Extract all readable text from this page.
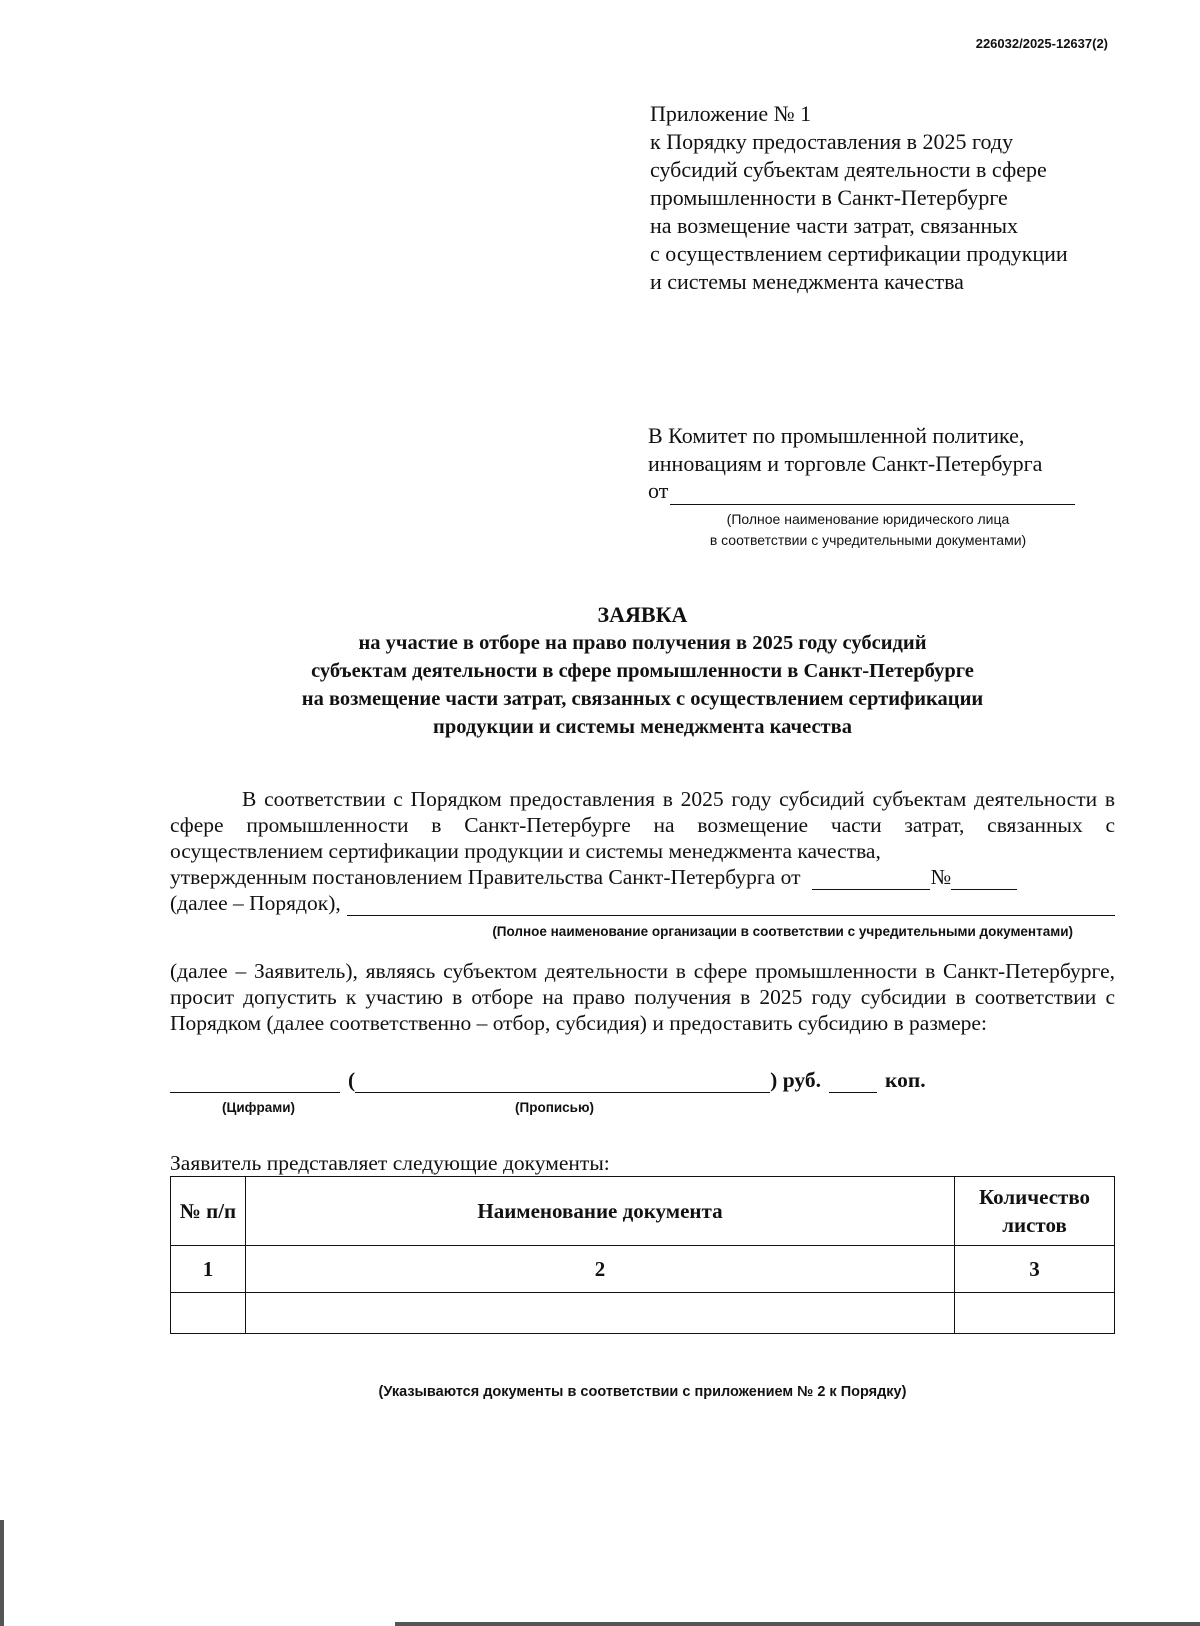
226032/2025-12637(2)
Приложение № 1
к Порядку предоставления в 2025 году
субсидий субъектам деятельности в сфере
промышленности в Санкт-Петербурге
на возмещение части затрат, связанных
с осуществлением сертификации продукции
и системы менеджмента качества
В Комитет по промышленной политике,
инновациям и торговле Санкт-Петербурга
от
(Полное наименование юридического лица
в соответствии с учредительными документами)
ЗАЯВКА
на участие в отборе на право получения в 2025 году субсидий
субъектам деятельности в сфере промышленности в Санкт-Петербурге
на возмещение части затрат, связанных с осуществлением сертификации
продукции и системы менеджмента качества
В соответствии с Порядком предоставления в 2025 году субсидий субъектам деятельности в сфере промышленности в Санкт-Петербурге на возмещение части затрат, связанных с осуществлением сертификации продукции и системы менеджмента качества,
утвержденным постановлением Правительства Санкт-Петербурга от	№
(далее – Порядок),
(Полное наименование организации в соответствии с учредительными документами)
(далее – Заявитель), являясь субъектом деятельности в сфере промышленности в Санкт-Петербурге, просит допустить к участию в отборе на право получения в 2025 году субсидии в соответствии с Порядком (далее соответственно – отбор, субсидия) и предоставить субсидию в размере:
(	) руб.	коп.
(Цифрами)	(Прописью)
Заявитель представляет следующие документы:
№ п/п	Наименование документа	Количество листов
1	2	3

(Указываются документы в соответствии с приложением № 2 к Порядку)
